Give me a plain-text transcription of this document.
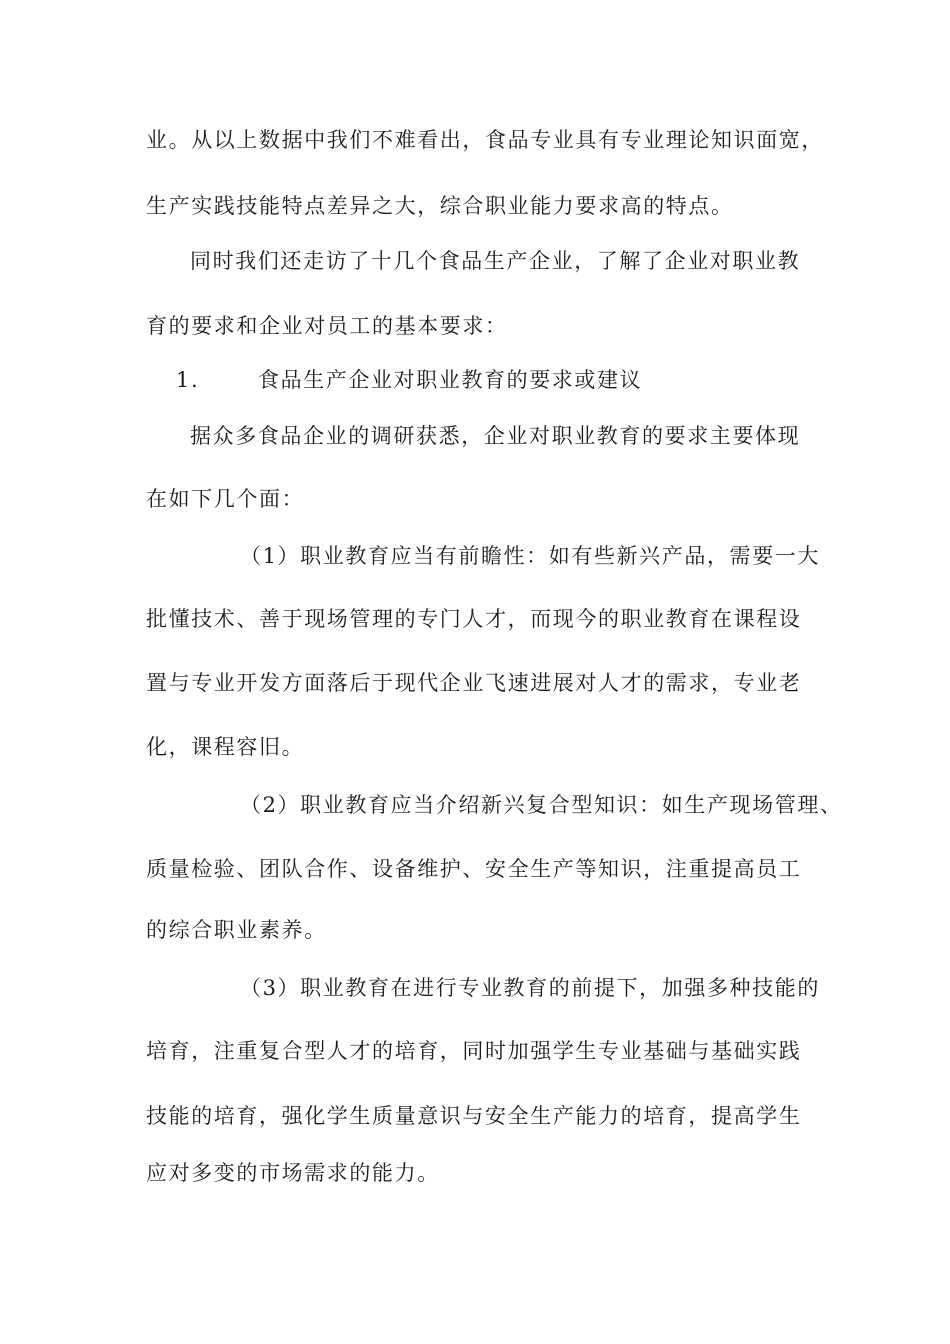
业。从以上数据中我们不难看出，食品专业具有专业理论知识面宽，
生产实践技能特点差异之大，综合职业能力要求高的特点。
同时我们还走访了十几个食品生产企业，了解了企业对职业教
育的要求和企业对员工的基本要求：
1.	食品生产企业对职业教育的要求或建议
据众多食品企业的调研获悉，企业对职业教育的要求主要体现
在如下几个面：
（1）职业教育应当有前瞻性：如有些新兴产品，需要一大
批懂技术、善于现场管理的专门人才，而现今的职业教育在课程设
置与专业开发方面落后于现代企业飞速进展对人才的需求，专业老
化，课程容旧。
（2）职业教育应当介绍新兴复合型知识：如生产现场管理、
质量检验、团队合作、设备维护、安全生产等知识，注重提高员工
的综合职业素养。
（3）职业教育在进行专业教育的前提下，加强多种技能的
培育，注重复合型人才的培育，同时加强学生专业基础与基础实践
技能的培育，强化学生质量意识与安全生产能力的培育，提高学生
应对多变的市场需求的能力。
